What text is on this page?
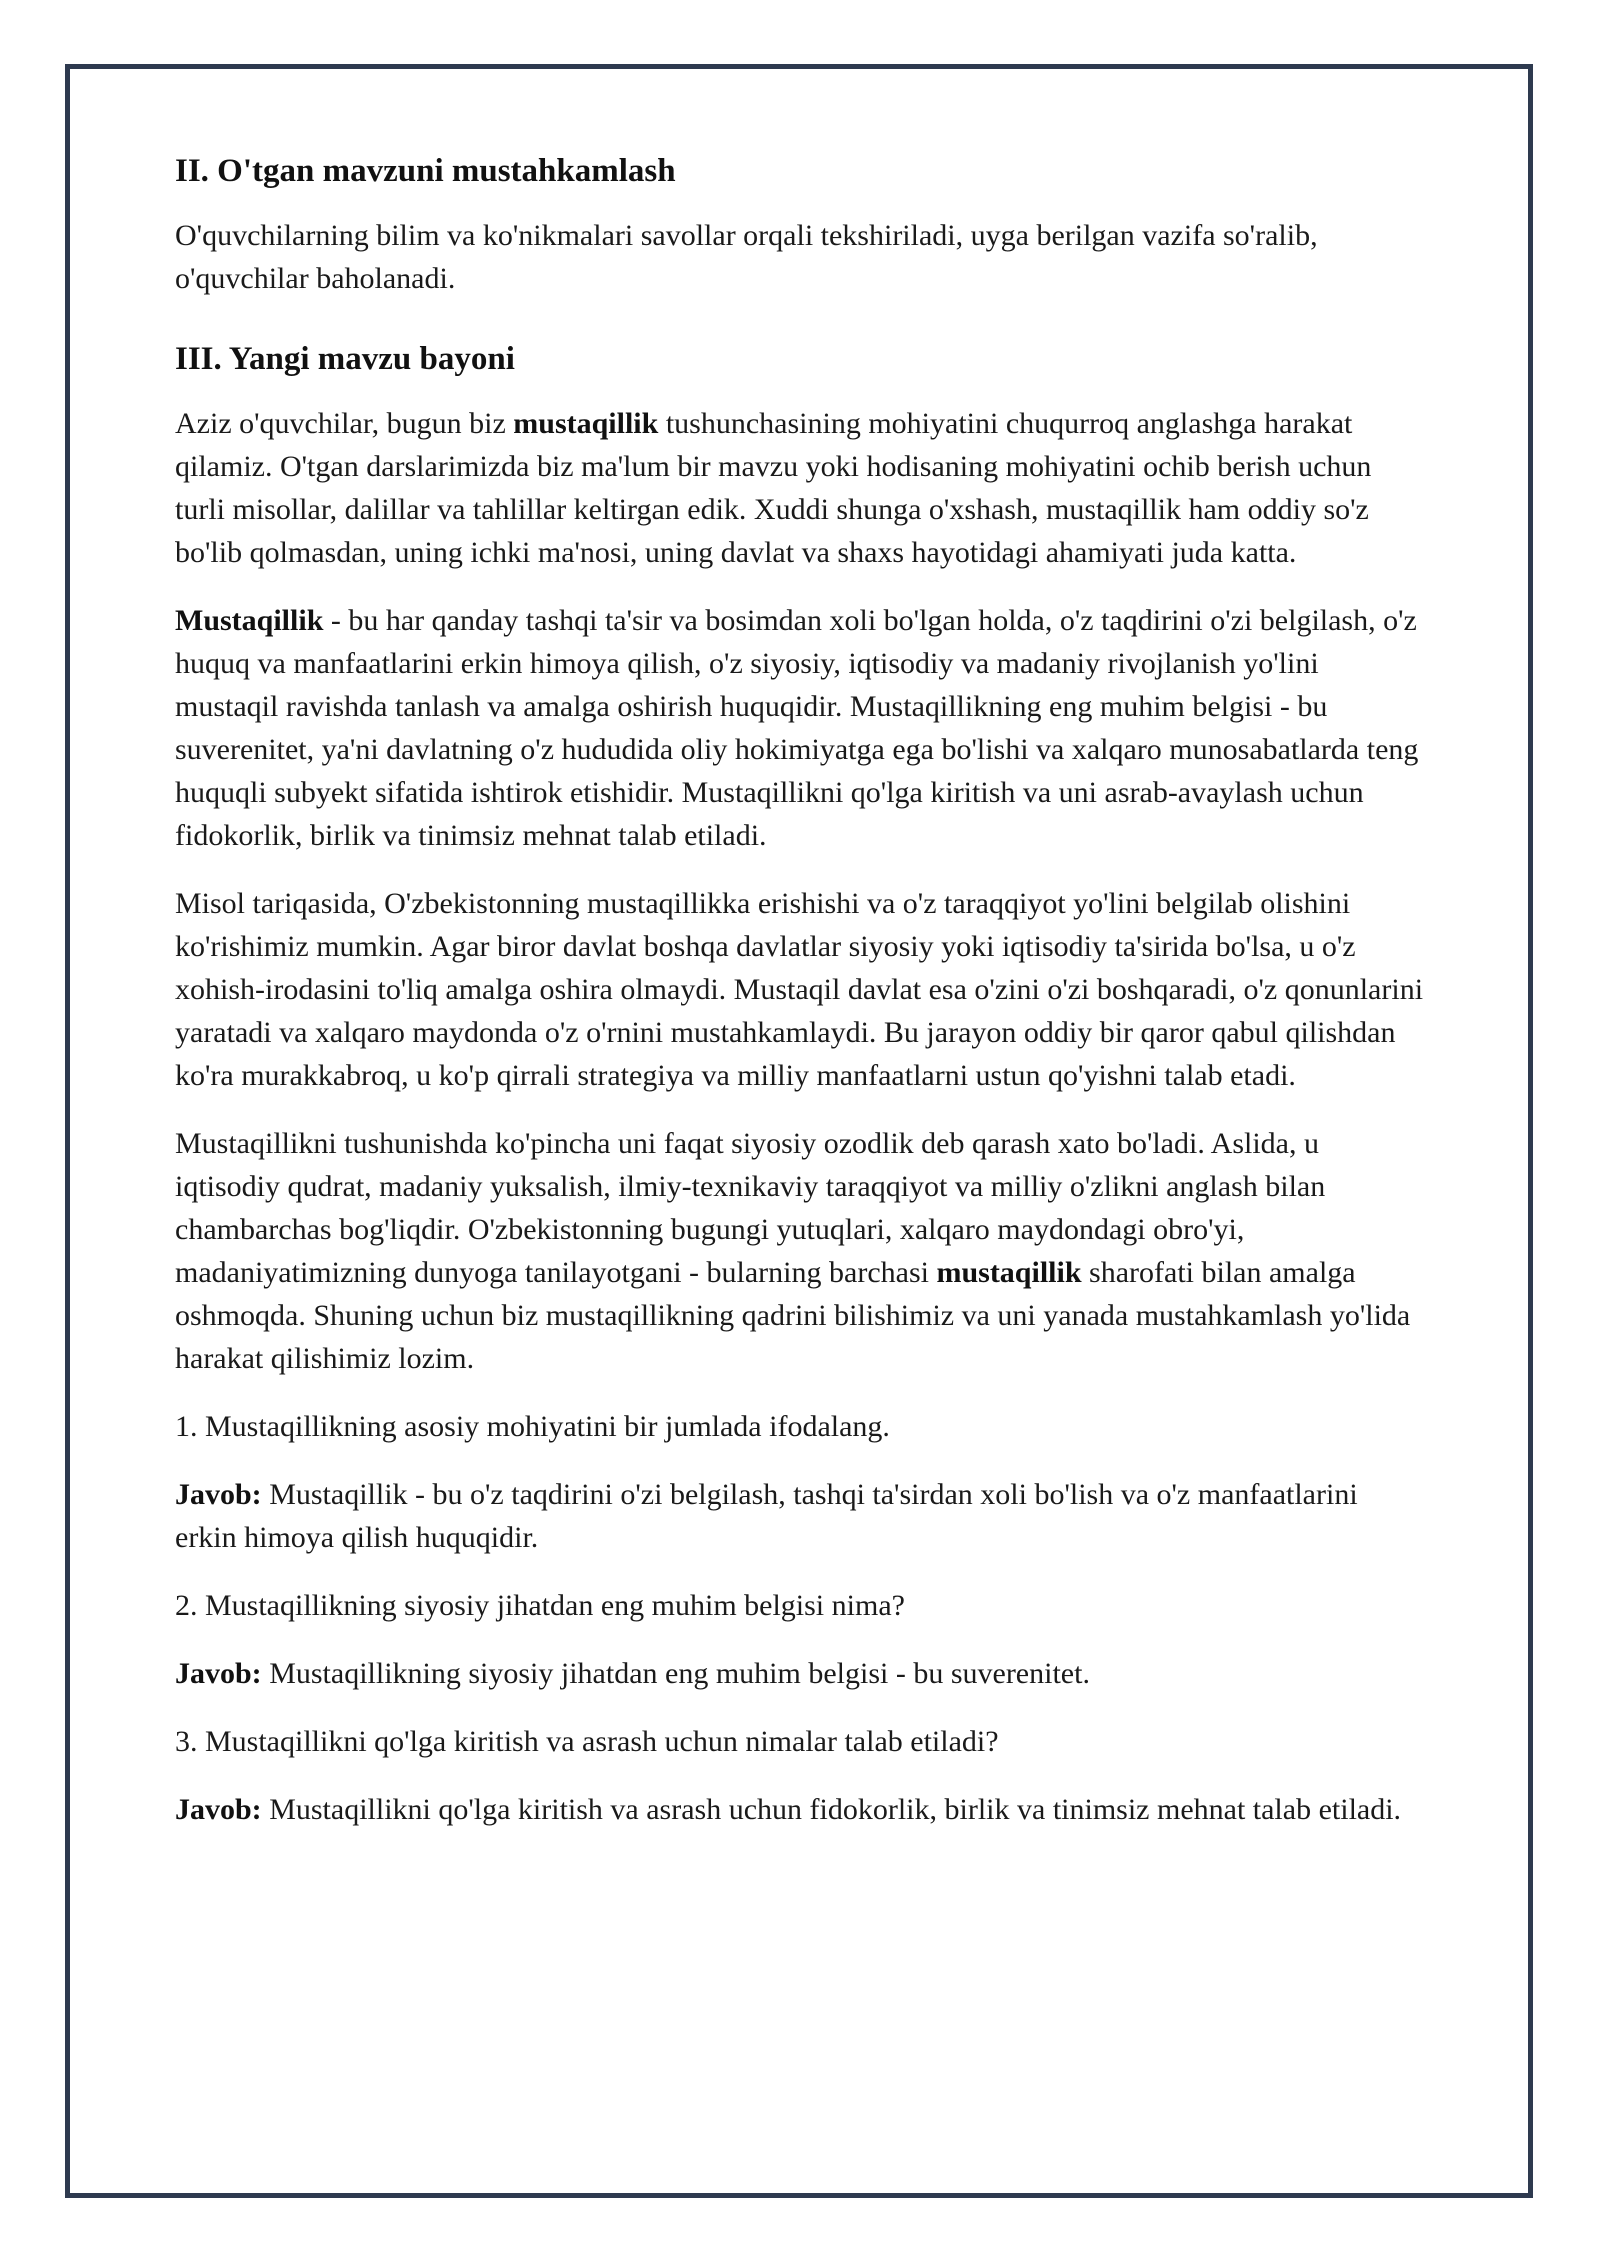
II. O'tgan mavzuni mustahkamlash

O'quvchilarning bilim va ko'nikmalari savollar orqali tekshiriladi, uyga berilgan vazifa so'ralib, o'quvchilar baholanadi.

III. Yangi mavzu bayoni

Aziz o'quvchilar, bugun biz mustaqillik tushunchasining mohiyatini chuqurroq anglashga harakat qilamiz. O'tgan darslarimizda biz ma'lum bir mavzu yoki hodisaning mohiyatini ochib berish uchun turli misollar, dalillar va tahlillar keltirgan edik. Xuddi shunga o'xshash, mustaqillik ham oddiy so'z bo'lib qolmasdan, uning ichki ma'nosi, uning davlat va shaxs hayotidagi ahamiyati juda katta.

Mustaqillik - bu har qanday tashqi ta'sir va bosimdan xoli bo'lgan holda, o'z taqdirini o'zi belgilash, o'z huquq va manfaatlarini erkin himoya qilish, o'z siyosiy, iqtisodiy va madaniy rivojlanish yo'lini mustaqil ravishda tanlash va amalga oshirish huquqidir. Mustaqillikning eng muhim belgisi - bu suverenitet, ya'ni davlatning o'z hududida oliy hokimiyatga ega bo'lishi va xalqaro munosabatlarda teng huquqli subyekt sifatida ishtirok etishidir. Mustaqillikni qo'lga kiritish va uni asrab-avaylash uchun fidokorlik, birlik va tinimsiz mehnat talab etiladi.

Misol tariqasida, O'zbekistonning mustaqillikka erishishi va o'z taraqqiyot yo'lini belgilab olishini ko'rishimiz mumkin. Agar biror davlat boshqa davlatlar siyosiy yoki iqtisodiy ta'sirida bo'lsa, u o'z xohish-irodasini to'liq amalga oshira olmaydi. Mustaqil davlat esa o'zini o'zi boshqaradi, o'z qonunlarini yaratadi va xalqaro maydonda o'z o'rnini mustahkamlaydi. Bu jarayon oddiy bir qaror qabul qilishdan ko'ra murakkabroq, u ko'p qirrali strategiya va milliy manfaatlarni ustun qo'yishni talab etadi.

Mustaqillikni tushunishda ko'pincha uni faqat siyosiy ozodlik deb qarash xato bo'ladi. Aslida, u iqtisodiy qudrat, madaniy yuksalish, ilmiy-texnikaviy taraqqiyot va milliy o'zlikni anglash bilan chambarchas bog'liqdir. O'zbekistonning bugungi yutuqlari, xalqaro maydondagi obro'yi, madaniyatimizning dunyoga tanilayotgani - bularning barchasi mustaqillik sharofati bilan amalga oshmoqda. Shuning uchun biz mustaqillikning qadrini bilishimiz va uni yanada mustahkamlash yo'lida harakat qilishimiz lozim.

1. Mustaqillikning asosiy mohiyatini bir jumlada ifodalang.

Javob: Mustaqillik - bu o'z taqdirini o'zi belgilash, tashqi ta'sirdan xoli bo'lish va o'z manfaatlarini erkin himoya qilish huquqidir.

2. Mustaqillikning siyosiy jihatdan eng muhim belgisi nima?

Javob: Mustaqillikning siyosiy jihatdan eng muhim belgisi - bu suverenitet.

3. Mustaqillikni qo'lga kiritish va asrash uchun nimalar talab etiladi?

Javob: Mustaqillikni qo'lga kiritish va asrash uchun fidokorlik, birlik va tinimsiz mehnat talab etiladi.
